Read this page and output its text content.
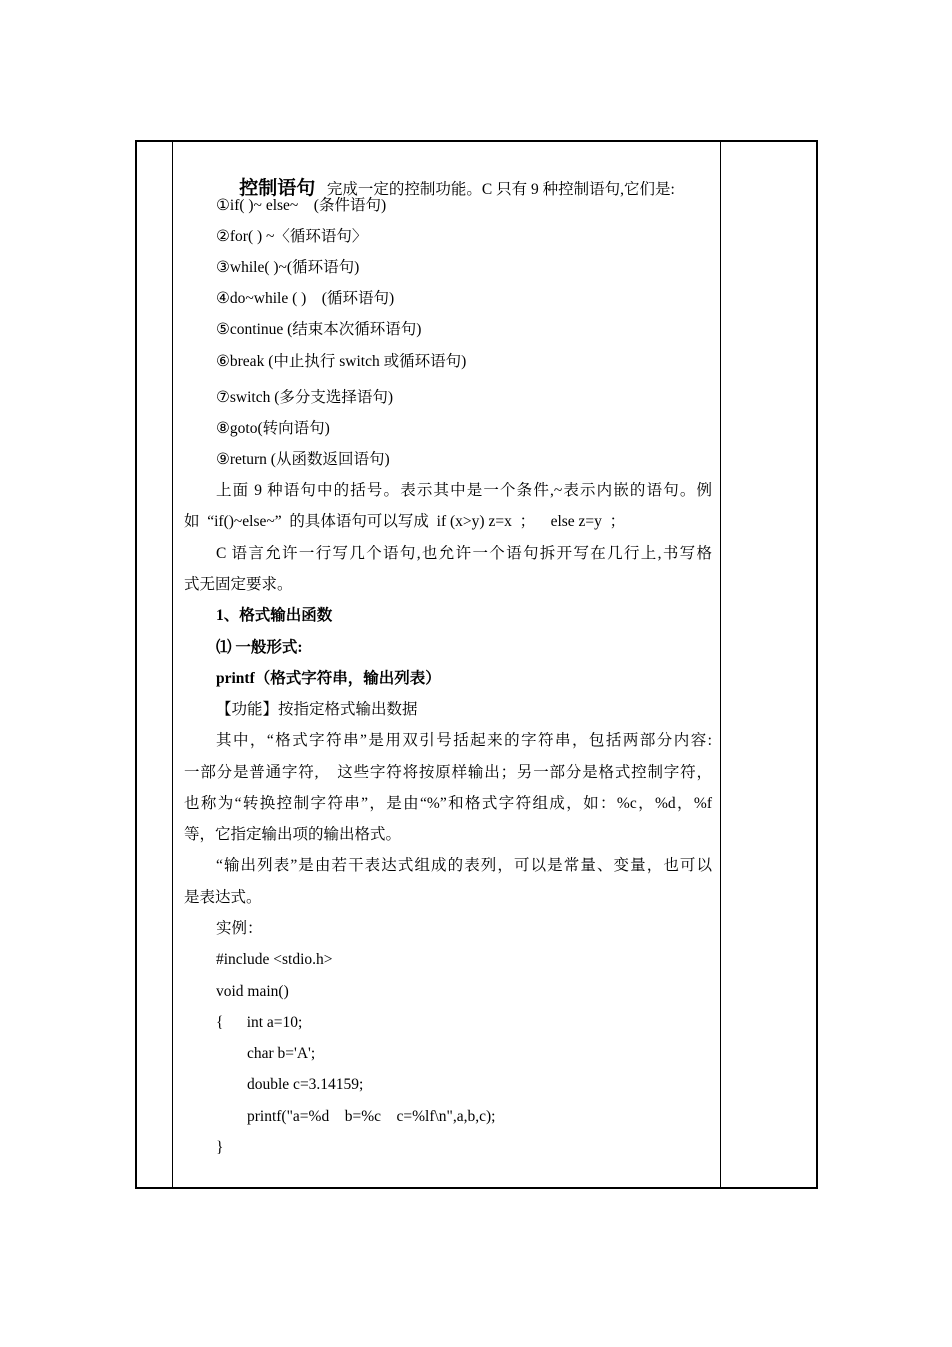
控制语句 完成一定的控制功能。C 只有 9 种控制语句,它们是:

①if( )~ else~    (条件语句)
②for( ) ~〈循环语句〉
③while( )~(循环语句)
④do~while ( )    (循环语句)
⑤continue (结束本次循环语句)
⑥break (中止执行 switch 或循环语句)
⑦switch (多分支选择语句)
⑧goto(转向语句)
⑨return (从函数返回语句)
上面 9 种语句中的括号。表示其中是一个条件,~表示内嵌的语句。例
如  “if()~else~”  的具体语句可以写成  if (x>y) z=x  ；    else z=y  ；
C 语言允许一行写几个语句,也允许一个语句拆开写在几行上,书写格
式无固定要求。
1、格式输出函数
⑴ 一般形式:
printf（格式字符串，输出列表）
【功能】按指定格式输出数据
其中，“格式字符串”是用双引号括起来的字符串，包括两部分内容:
一部分是普通字符,    这些字符将按原样输出；另一部分是格式控制字符，
也称为“转换控制字符串”，是由“%”和格式字符组成，如：%c，%d，%f
等，它指定输出项的输出格式。
“输出列表”是由若干表达式组成的表列，可以是常量、变量，也可以
是表达式。
实例：
#include <stdio.h>
void main()
{      int a=10;
char b='A';
double c=3.14159;
printf("a=%d    b=%c    c=%lf\n",a,b,c);
}
